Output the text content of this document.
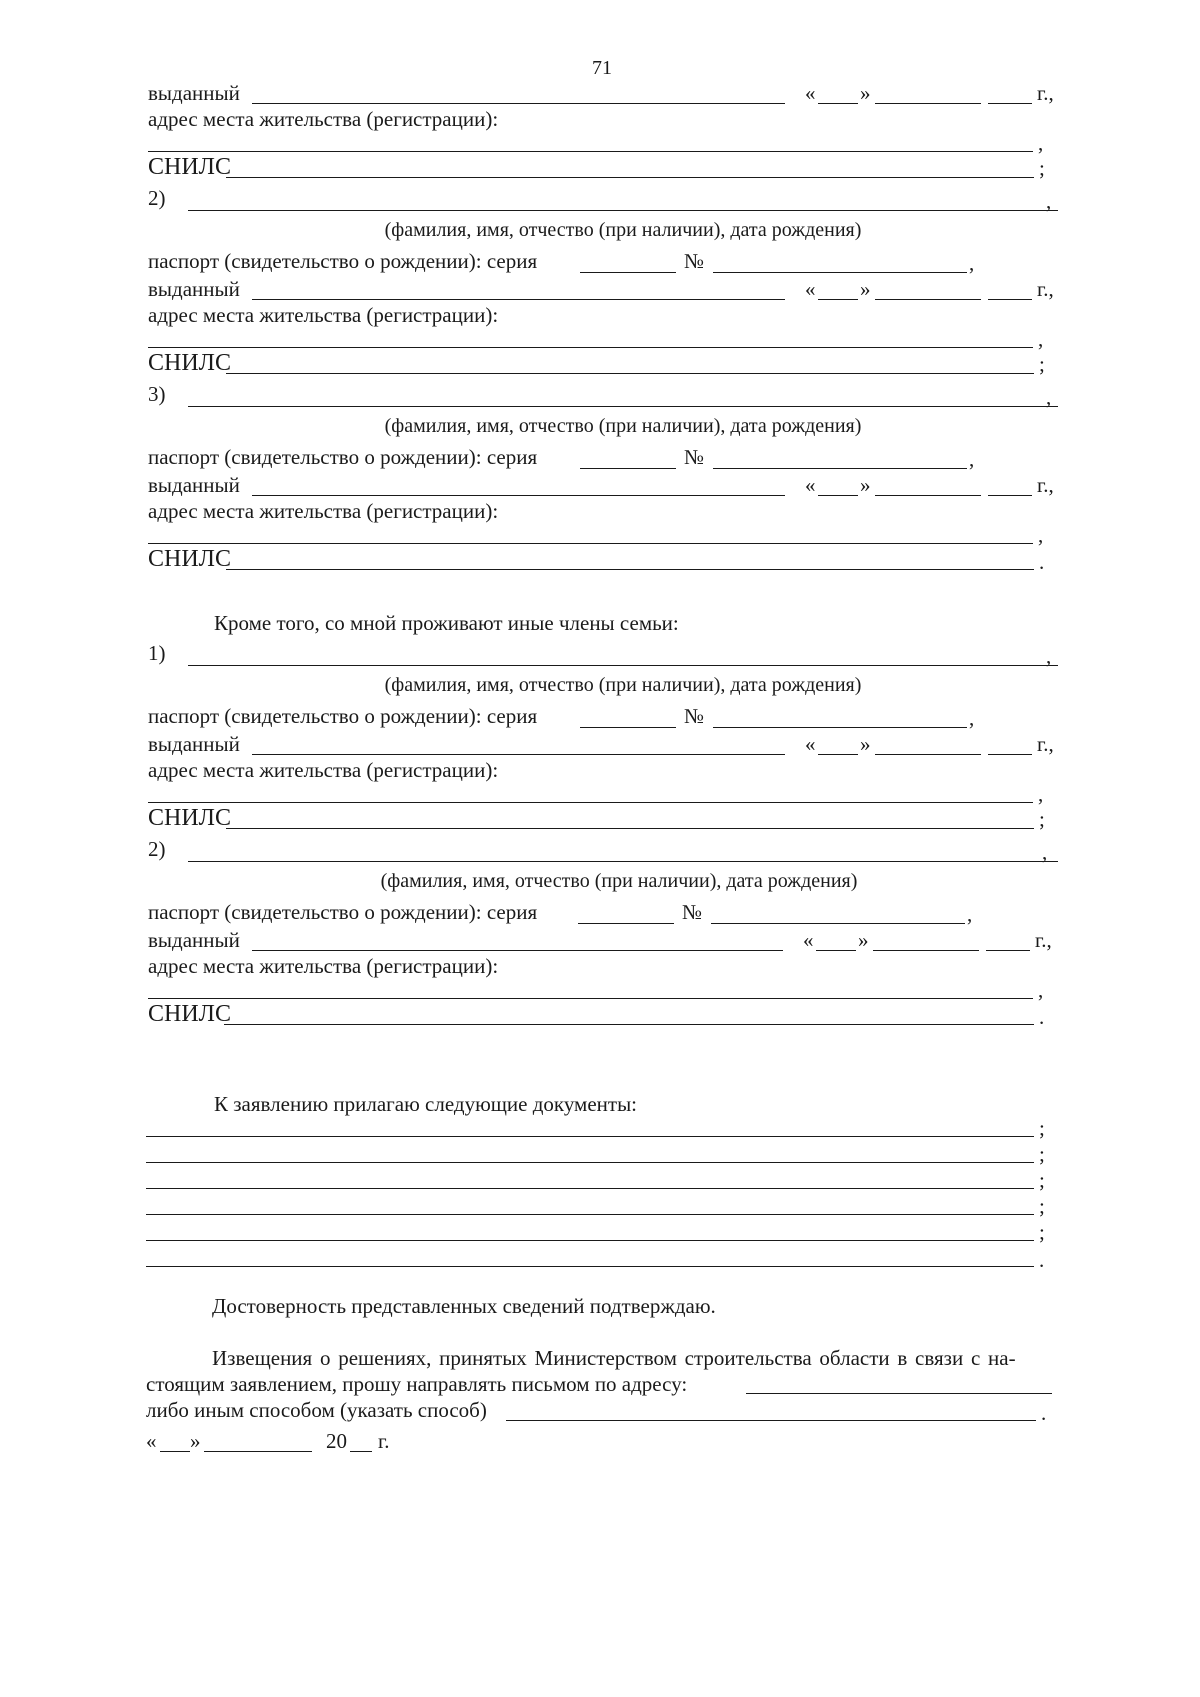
71
выданный	« »	г.,
адрес места жительства (регистрации):
,
СНИЛС	;
2)	,
(фамилия, имя, отчество (при наличии), дата рождения)
паспорт (свидетельство о рождении): серия	№	,
выданный	« »	г.,
адрес места жительства (регистрации):
,
СНИЛС	;
3)	,
(фамилия, имя, отчество (при наличии), дата рождения)
паспорт (свидетельство о рождении): серия	№	,
выданный	« »	г.,
адрес места жительства (регистрации):
,
СНИЛС	.
Кроме того, со мной проживают иные члены семьи:
1)	,
(фамилия, имя, отчество (при наличии), дата рождения)
паспорт (свидетельство о рождении): серия	№	,
выданный	« »	г.,
адрес места жительства (регистрации):
,
СНИЛС	;
2)	,
(фамилия, имя, отчество (при наличии), дата рождения)
паспорт (свидетельство о рождении): серия	№	,
выданный	« »	г.,
адрес места жительства (регистрации):
,
СНИЛС	.
К заявлению прилагаю следующие документы:
;
;
;
;
;
.
Достоверность представленных сведений подтверждаю.
Извещения о решениях, принятых Министерством строительства области в связи с на-
стоящим заявлением, прошу направлять письмом по адресу:
либо иным способом (указать способ)	.
« »	20 г.
